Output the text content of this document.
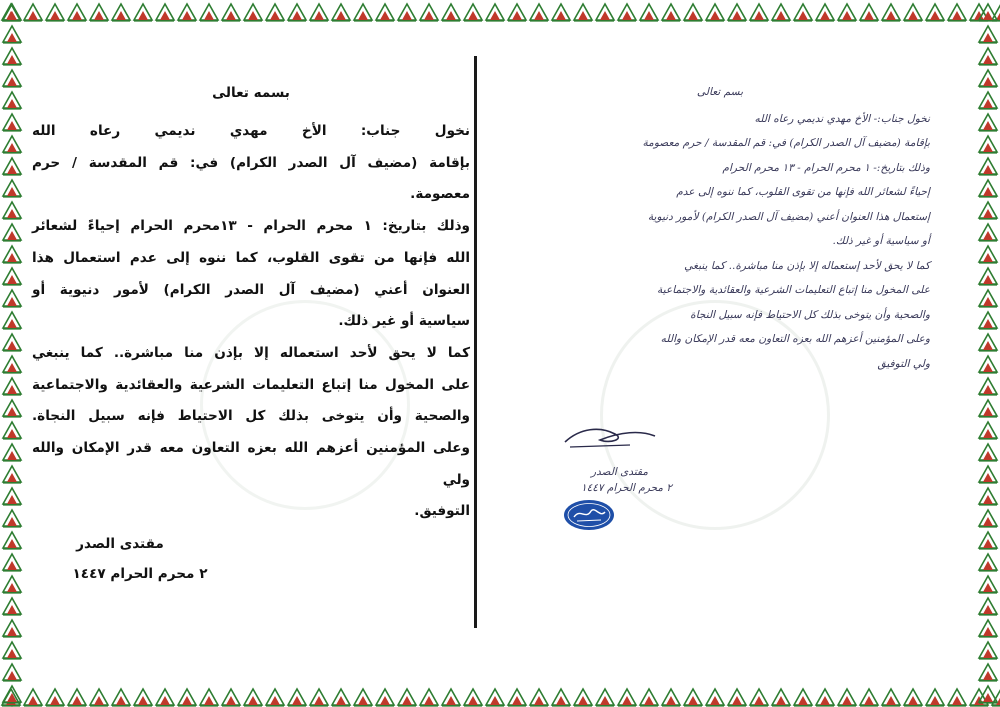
بسمه تعالى

نخول جناب: الأخ مهدي نديمي رعاه الله

بإقامة (مضيف آل الصدر الكرام) في: قم المقدسة / حرم معصومة.

وذلك بتاريخ: ١ محرم الحرام - ١٣محرم الحرام إحياءً لشعائر

الله فإنها من تقوى القلوب، كما ننوه إلى عدم استعمال هذا

العنوان أعني (مضيف آل الصدر الكرام) لأمور دنيوية أو

سياسية أو غير ذلك.

كما لا يحق لأحد استعماله إلا بإذن منا مباشرة.. كما ينبغي

على المخول منا إتباع التعليمات الشرعية والعقائدية والاجتماعية

والصحية وأن يتوخى بذلك كل الاحتياط فإنه سبيل النجاة.

وعلى المؤمنين أعزهم الله بعزه التعاون معه قدر الإمكان والله ولي

التوفيق.

مقتدى الصدر
٢ محرم الحرام ١٤٤٧

بسم تعالى

نخول جناب:- الأخ مهدي نديمي رعاه الله

بإقامة (مضيف آل الصدر الكرام) في: قم المقدسة / حرم معصومة

وذلك بتاريخ:- ١ محرم الحرام - ١٣ محرم الحرام

إحياءً لشعائر الله فإنها من تقوى القلوب، كما ننوه إلى عدم

إستعمال هذا العنوان أعني (مضيف آل الصدر الكرام) لأمور دنيوية

أو سياسية أو غير ذلك.

كما لا يحق لأحد إستعماله إلا بإذن منا مباشرة.. كما ينبغي

على المخول منا إتباع التعليمات الشرعية والعقائدية والاجتماعية

والصحية وأن يتوخى بذلك كل الاحتياط فإنه سبيل النجاة

وعلى المؤمنين أعزهم الله بعزه التعاون معه قدر الإمكان والله

ولي التوفيق

مقتدى الصدر
٢ محرم الحرام ١٤٤٧
